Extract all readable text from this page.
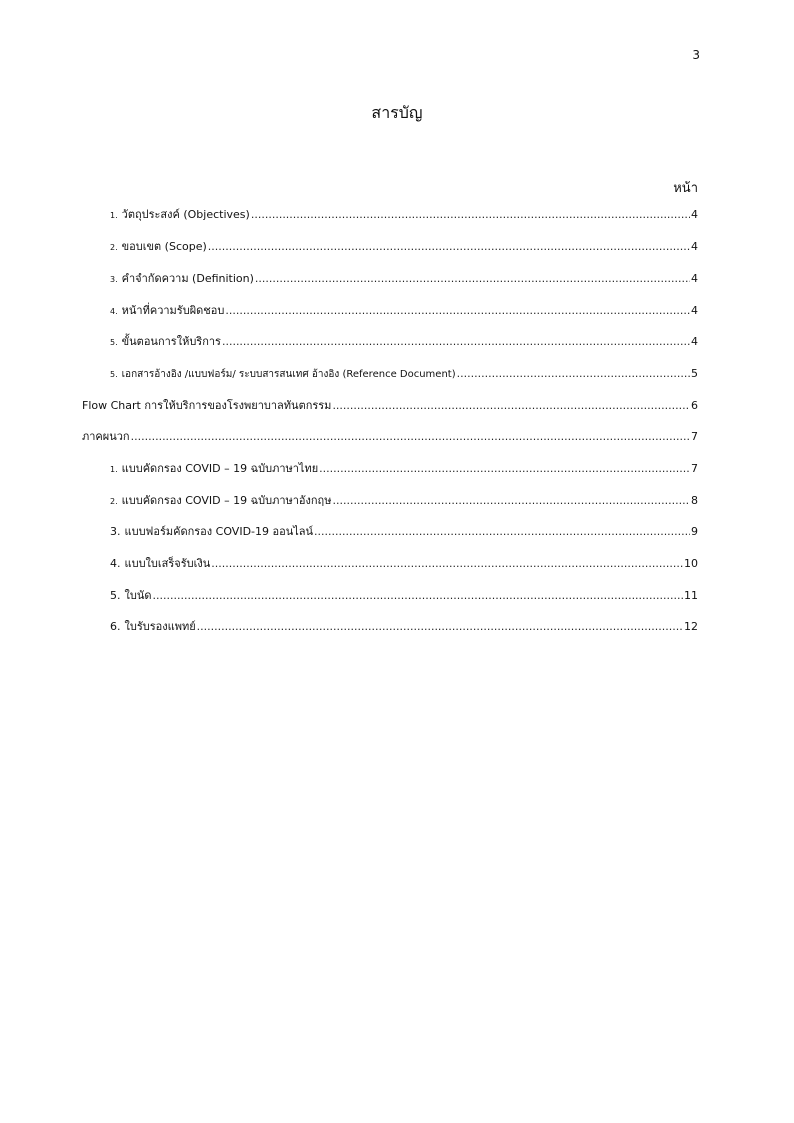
3
สารบัญ
หน้า
1. วัตถุประสงค์ (Objectives) .....	4
2. ขอบเขต (Scope) .....	4
3. คำจำกัดความ (Definition) .....	4
4. หน้าที่ความรับผิดชอบ .....	4
5. ขั้นตอนการให้บริการ .....	4
5. เอกสารอ้างอิง /แบบฟอร์ม/ ระบบสารสนเทศ อ้างอิง (Reference Document) .....	5
Flow Chart การให้บริการของโรงพยาบาลทันตกรรม .....	6
ภาคผนวก .....	7
1. แบบคัดกรอง COVID – 19 ฉบับภาษาไทย .....	7
2. แบบคัดกรอง COVID – 19 ฉบับภาษาอังกฤษ .....	8
3. แบบฟอร์มคัดกรอง COVID-19 ออนไลน์ .....	9
4. แบบใบเสร็จรับเงิน .....	10
5. ใบนัด .....	11
6. ใบรับรองแพทย์ .....	12
